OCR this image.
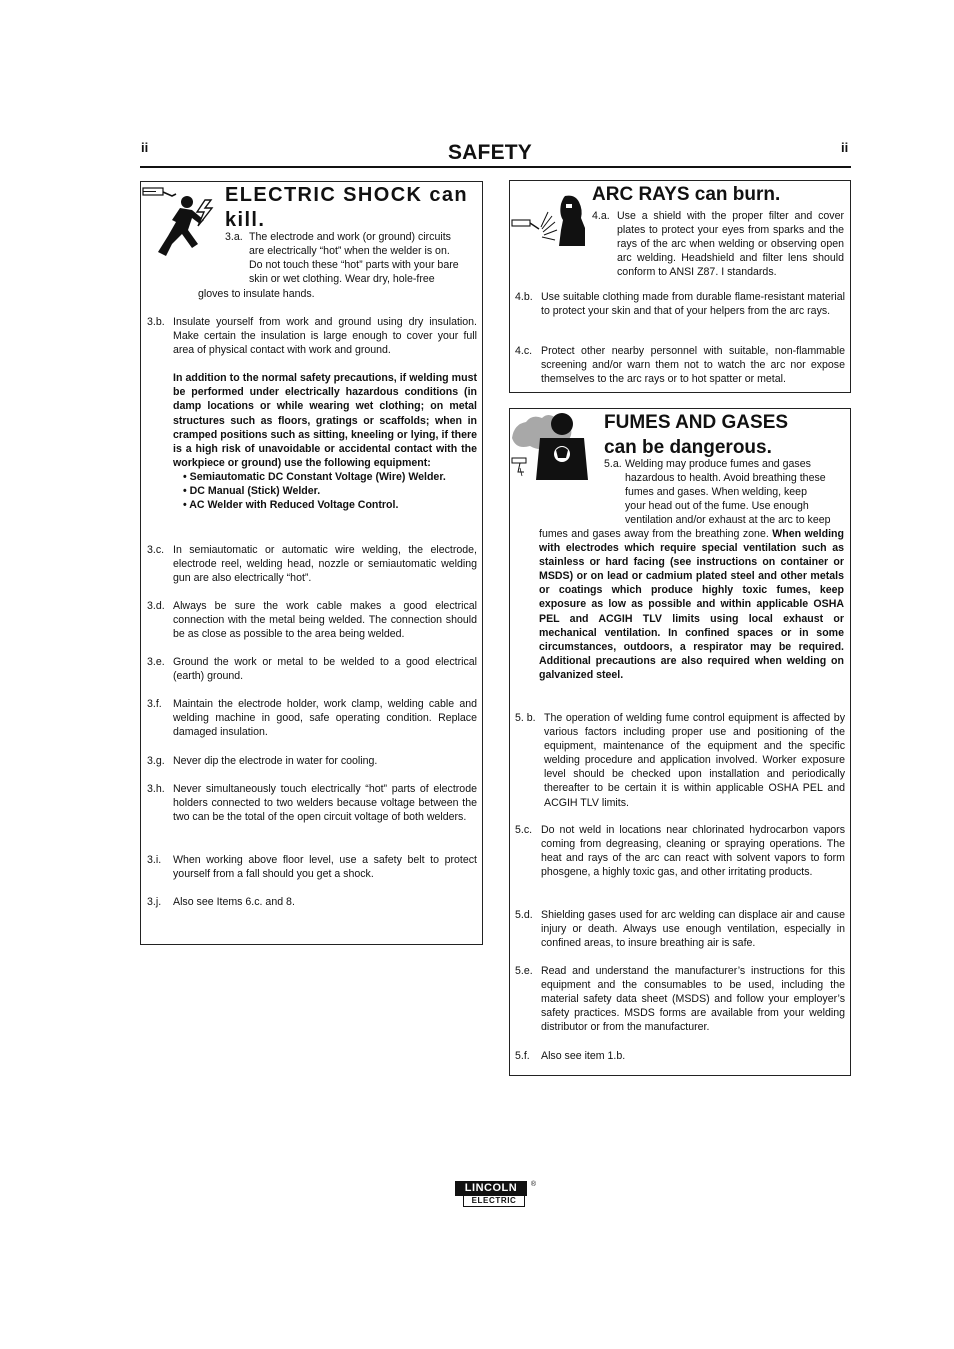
ii	SAFETY	ii
ELECTRIC SHOCK can
kill.
3.a. The electrode and work (or ground) circuits
are electrically “hot” when the welder is on.
Do not touch these “hot” parts with your bare
skin or wet clothing. Wear dry, hole-free
gloves to insulate hands.
3.b. Insulate yourself from work and ground using dry insulation. Make certain the insulation is large enough to cover your full area of physical contact with work and ground.
In addition to the normal safety precautions, if welding must be performed under electrically hazardous conditions (in damp locations or while wearing wet clothing; on metal structures such as floors, gratings or scaffolds; when in cramped positions such as sitting, kneeling or lying, if there is a high risk of unavoidable or accidental contact with the workpiece or ground) use the following equipment:
• Semiautomatic DC Constant Voltage (Wire) Welder.
• DC Manual (Stick) Welder.
• AC Welder with Reduced Voltage Control.
3.c. In semiautomatic or automatic wire welding, the electrode, electrode reel, welding head, nozzle or semiautomatic welding gun are also electrically “hot”.
3.d. Always be sure the work cable makes a good electrical connection with the metal being welded. The connection should be as close as possible to the area being welded.
3.e. Ground the work or metal to be welded to a good electrical (earth) ground.
3.f.	Maintain the electrode holder, work clamp, welding cable and welding machine in good, safe operating condition. Replace damaged insulation.
3.g. Never dip the electrode in water for cooling.
3.h. Never simultaneously touch electrically “hot” parts of electrode holders connected to two welders because voltage between the two can be the total of the open circuit voltage of both welders.
3.i.	When working above floor level, use a safety belt to protect yourself from a fall should you get a shock.
3.j.	Also see Items 6.c. and 8.
ARC RAYS can burn.
4.a. Use a shield with the proper filter and cover plates to protect your eyes from sparks and the rays of the arc when welding or observing open arc welding. Headshield and filter lens should conform to ANSI Z87. I standards.
4.b. Use suitable clothing made from durable flame-resistant material to protect your skin and that of your helpers from the arc rays.
4.c. Protect other nearby personnel with suitable, non-flammable screening and/or warn them not to watch the arc nor expose themselves to the arc rays or to hot spatter or metal.
FUMES AND GASES
can be dangerous.
5.a. Welding may produce fumes and gases
hazardous to health. Avoid breathing these
fumes and gases. When welding, keep
your head out of the fume. Use enough
ventilation and/or exhaust at the arc to keep
fumes and gases away from the breathing zone. When welding with electrodes which require special ventilation such as stainless or hard facing (see instructions on container or MSDS) or on lead or cadmium plated steel and other metals or coatings which produce highly toxic fumes, keep exposure as low as possible and within applicable OSHA PEL and ACGIH TLV limits using local exhaust or mechanical ventilation. In confined spaces or in some circumstances, outdoors, a respirator may be required. Additional precautions are also required when welding on galvanized steel.
5. b. The operation of welding fume control equipment is affected by various factors including proper use and positioning of the equipment, maintenance of the equipment and the specific welding procedure and application involved. Worker exposure level should be checked upon installation and periodically thereafter to be certain it is within applicable OSHA PEL and ACGIH TLV limits.
5.c. Do not weld in locations near chlorinated hydrocarbon vapors coming from degreasing, cleaning or spraying operations. The heat and rays of the arc can react with solvent vapors to form phosgene, a highly toxic gas, and other irritating products.
5.d. Shielding gases used for arc welding can displace air and cause injury or death. Always use enough ventilation, especially in confined areas, to insure breathing air is safe.
5.e. Read and understand the manufacturer’s instructions for this equipment and the consumables to be used, including the material safety data sheet (MSDS) and follow your employer’s safety practices. MSDS forms are available from your welding distributor or from the manufacturer.
5.f.	Also see item 1.b.
LINCOLN	®
ELECTRIC
